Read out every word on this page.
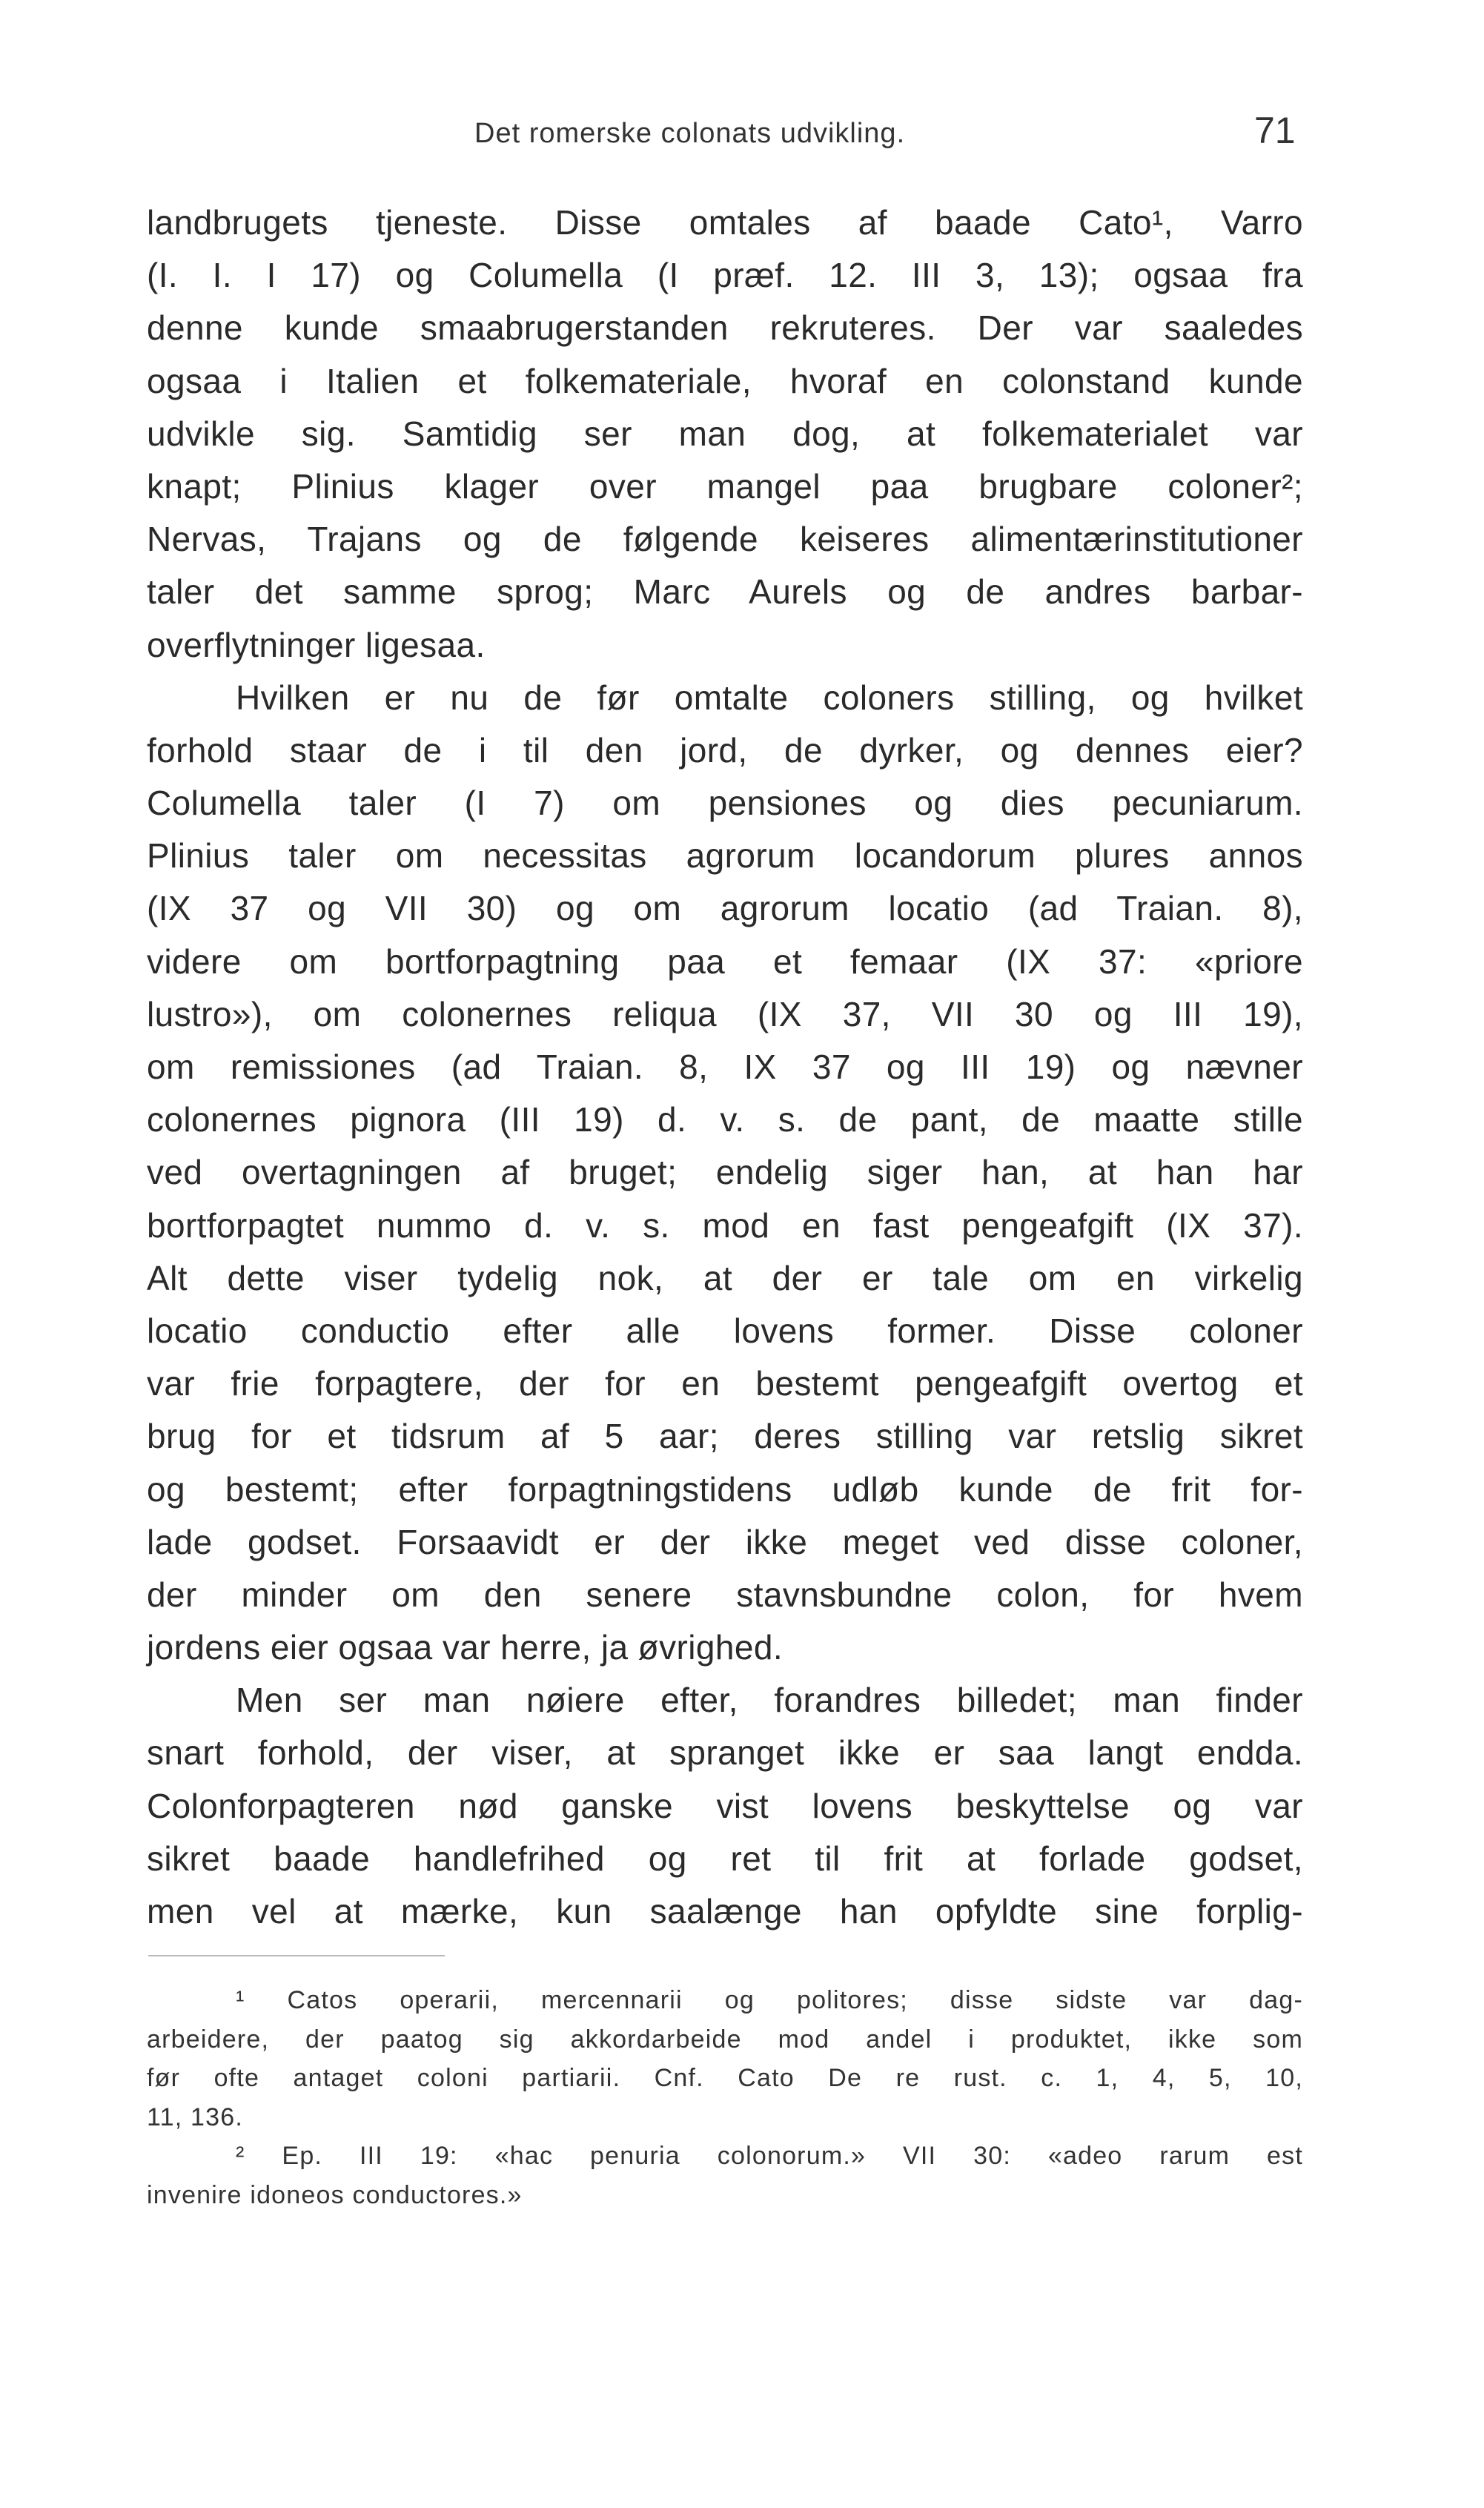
Det romerske colonats udvikling.	71
landbrugets tjeneste. Disse omtales af baade Cato¹, Varro
(I. I. I 17) og Columella (I præf. 12. III 3, 13); ogsaa fra
denne kunde smaabrugerstanden rekruteres. Der var saaledes
ogsaa i Italien et folkemateriale, hvoraf en colonstand kunde
udvikle sig. Samtidig ser man dog, at folkematerialet var
knapt; Plinius klager over mangel paa brugbare coloner²;
Nervas, Trajans og de følgende keiseres alimentærinstitutioner
taler det samme sprog; Marc Aurels og de andres barbar-
overflytninger ligesaa.
Hvilken er nu de før omtalte coloners stilling, og hvilket
forhold staar de i til den jord, de dyrker, og dennes eier?
Columella taler (I 7) om pensiones og dies pecuniarum.
Plinius taler om necessitas agrorum locandorum plures annos
(IX 37 og VII 30) og om agrorum locatio (ad Traian. 8),
videre om bortforpagtning paa et femaar (IX 37: «priore
lustro»), om colonernes reliqua (IX 37, VII 30 og III 19),
om remissiones (ad Traian. 8, IX 37 og III 19) og nævner
colonernes pignora (III 19) d. v. s. de pant, de maatte stille
ved overtagningen af bruget; endelig siger han, at han har
bortforpagtet nummo d. v. s. mod en fast pengeafgift (IX 37).
Alt dette viser tydelig nok, at der er tale om en virkelig
locatio conductio efter alle lovens former. Disse coloner
var frie forpagtere, der for en bestemt pengeafgift overtog et
brug for et tidsrum af 5 aar; deres stilling var retslig sikret
og bestemt; efter forpagtningstidens udløb kunde de frit for-
lade godset. Forsaavidt er der ikke meget ved disse coloner,
der minder om den senere stavnsbundne colon, for hvem
jordens eier ogsaa var herre, ja øvrighed.
Men ser man nøiere efter, forandres billedet; man finder
snart forhold, der viser, at spranget ikke er saa langt endda.
Colonforpagteren nød ganske vist lovens beskyttelse og var
sikret baade handlefrihed og ret til frit at forlade godset,
men vel at mærke, kun saalænge han opfyldte sine forplig-
¹ Catos operarii, mercennarii og politores; disse sidste var dag-
arbeidere, der paatog sig akkordarbeide mod andel i produktet, ikke som
før ofte antaget coloni partiarii. Cnf. Cato De re rust. c. 1, 4, 5, 10,
11, 136.
² Ep. III 19: «hac penuria colonorum.» VII 30: «adeo rarum est
invenire idoneos conductores.»
